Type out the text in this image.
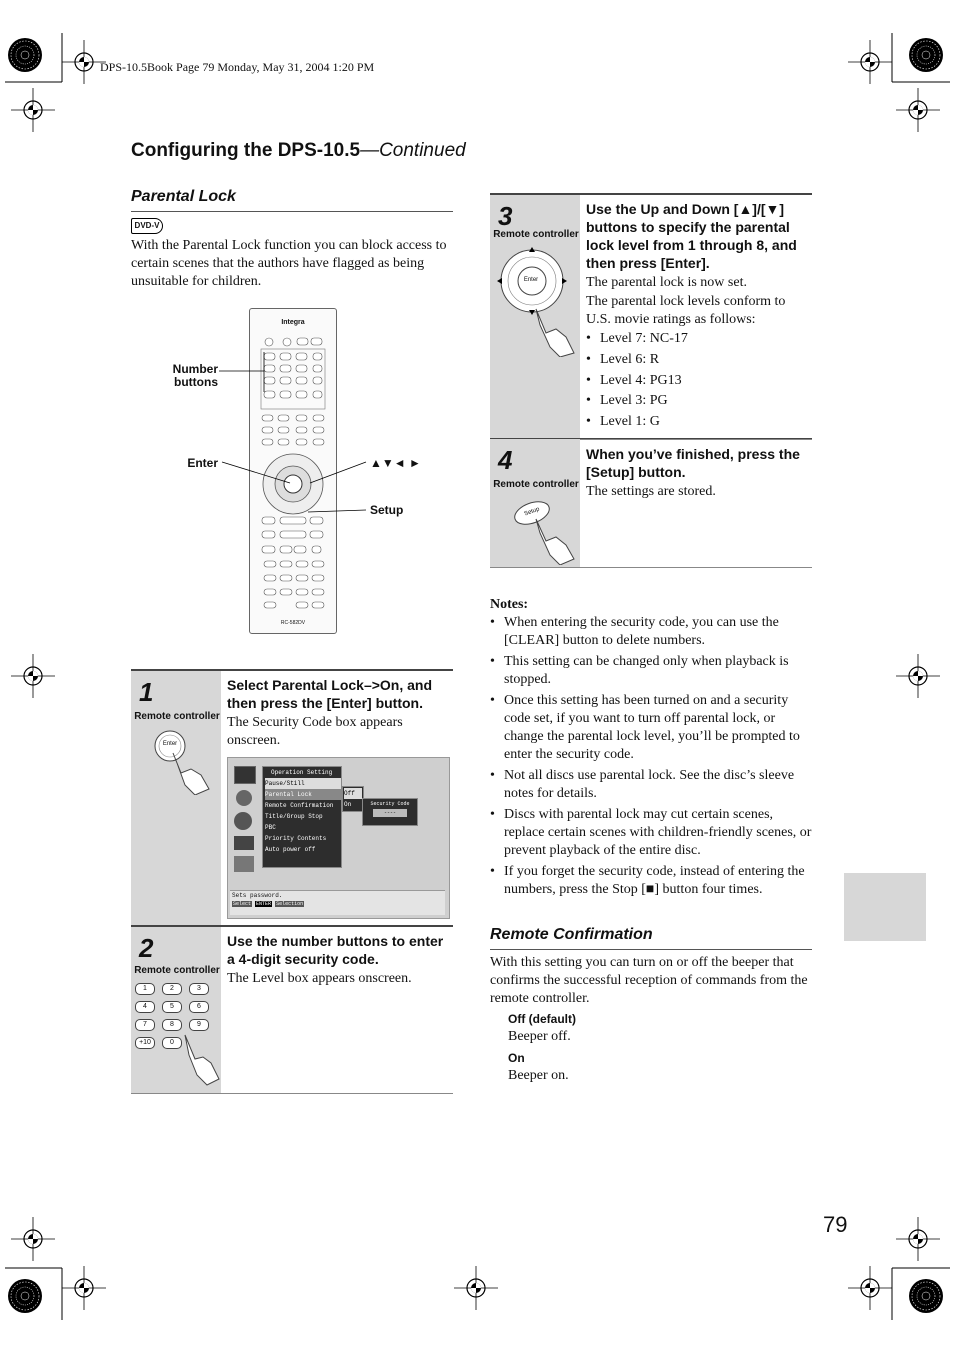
DPS-10.5Book Page 79 Monday, May 31, 2004 1:20 PM
Configuring the DPS-10.5—Continued
Parental Lock
DVD-V
With the Parental Lock function you can block access to certain scenes that the authors have flagged as being unsuitable for children.
Integra
RC-582DV
Number buttons
Enter	▲▼◄ ►
Setup
1
Remote controller
Enter
Select Parental Lock–>On, and then press the [Enter] button.
The Security Code box appears onscreen.
Operation Setting
Pause/Still
Parental Lock
Remote Confirmation
Title/Group Stop
PBC
Priority Contents
Auto power off
Off
On	Security Code
----
Sets password.
Select ENTER Selection
2
Remote controller
1	2	3
4	5	6
7	8	9
+10	0
Use the number buttons to enter a 4-digit security code.
The Level box appears onscreen.
3
Remote controller
Enter
Use the Up and Down [▲]/[▼] buttons to specify the parental lock level from 1 through 8, and then press [Enter].
The parental lock is now set.
The parental lock levels conform to U.S. movie ratings as follows:
• Level 7: NC-17
• Level 6: R
• Level 4: PG13
• Level 3: PG
• Level 1: G
4
Remote controller
Setup
When you’ve finished, press the [Setup] button.
The settings are stored.
Notes:
• When entering the security code, you can use the [CLEAR] button to delete numbers.
• This setting can be changed only when playback is stopped.
• Once this setting has been turned on and a security code set, if you want to turn off parental lock, or change the parental lock level, you’ll be prompted to enter the security code.
• Not all discs use parental lock. See the disc’s sleeve notes for details.
• Discs with parental lock may cut certain scenes, replace certain scenes with children-friendly scenes, or prevent playback of the entire disc.
• If you forget the security code, instead of entering the numbers, press the Stop [■] button four times.
Remote Confirmation
With this setting you can turn on or off the beeper that confirms the successful reception of commands from the remote controller.
Off (default)
Beeper off.
On
Beeper on.
79
